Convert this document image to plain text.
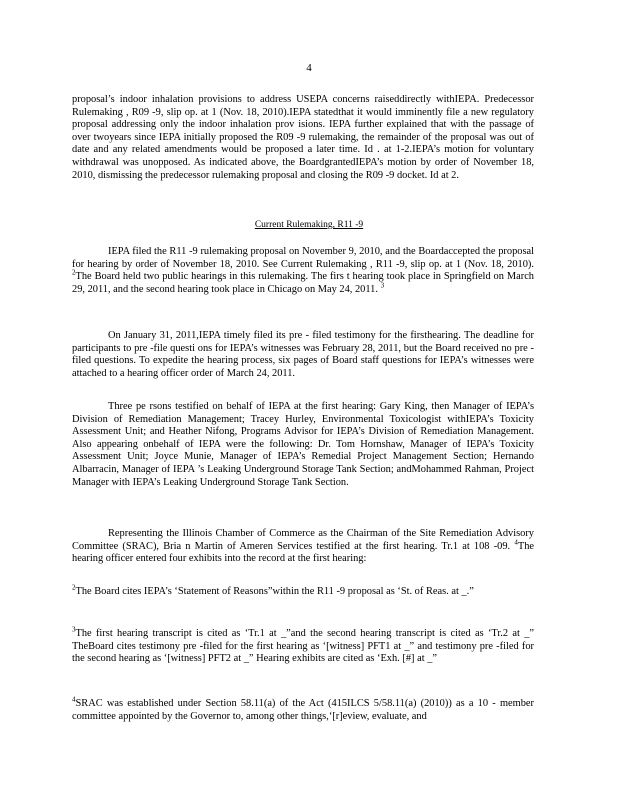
4

proposal’s indoor inhalation provisions to address USEPA concerns raiseddirectly withIEPA. Predecessor Rulemaking , R09 -9, slip op. at 1 (Nov. 18, 2010).IEPA statedthat it would imminently file a new regulatory proposal addressing only the indoor inhalation prov isions. IEPA further explained that with the passage of over twoyears since IEPA initially proposed the R09 -9 rulemaking, the remainder of the proposal was out of date and any related amendments would be proposed a later time. Id . at 1-2.IEPA’s motion for voluntary withdrawal was unopposed. As indicated above, the BoardgrantedIEPA’s motion by order of November 18, 2010, dismissing the predecessor rulemaking proposal and closing the R09 -9 docket. Id at 2.

Current Rulemaking, R11 -9

IEPA filed the R11 -9 rulemaking proposal on November 9, 2010, and the Boardaccepted the proposal for hearing by order of November 18, 2010. See Current Rulemaking , R11 -9, slip op. at 1 (Nov. 18, 2010). $^2$The Board held two public hearings in this rulemaking. The firs t hearing took place in Springfield on March 29, 2011, and the second hearing took place in Chicago on May 24, 2011. $^3$

On January 31, 2011,IEPA timely filed its pre - filed testimony for the firsthearing. The deadline for participants to pre -file questi ons for IEPA’s witnesses was February 28, 2011, but the Board received no pre -filed questions. To expedite the hearing process, six pages of Board staff questions for IEPA’s witnesses were attached to a hearing officer order of March 24, 2011.

Three pe rsons testified on behalf of IEPA at the first hearing: Gary King, then Manager of IEPA’s Division of Remediation Management; Tracey Hurley, Environmental Toxicologist withIEPA’s Toxicity Assessment Unit; and Heather Nifong, Programs Advisor for IEPA’s Division of Remediation Management. Also appearing onbehalf of IEPA were the following: Dr. Tom Hornshaw, Manager of IEPA’s Toxicity Assessment Unit; Joyce Munie, Manager of IEPA’s Remedial Project Management Section; Hernando Albarracin, Manager of IEPA ’s Leaking Underground Storage Tank Section; andMohammed Rahman, Project Manager with IEPA’s Leaking Underground Storage Tank Section.

Representing the Illinois Chamber of Commerce as the Chairman of the Site Remediation Advisory Committee (SRAC), Bria n Martin of Ameren Services testified at the first hearing. Tr.1 at 108 -09. $^4$The hearing officer entered four exhibits into the record at the first hearing:

$^2$The Board cites IEPA’s ‘Statement of Reasons”within the R11 -9 proposal as ‘St. of Reas. at _.”

$^3$The first hearing transcript is cited as ‘Tr.1 at _”and the second hearing transcript is cited as ‘Tr.2 at _” TheBoard cites testimony pre -filed for the first hearing as ‘[witness] PFT1 at _” and testimony pre -filed for the second hearing as ‘[witness] PFT2 at _” Hearing exhibits are cited as ‘Exh. [#] at _”

$^4$SRAC was established under Section 58.11(a) of the Act (415ILCS 5/58.11(a) (2010)) as a 10 - member committee appointed by the Governor to, among other things,‘[r]eview, evaluate, and
